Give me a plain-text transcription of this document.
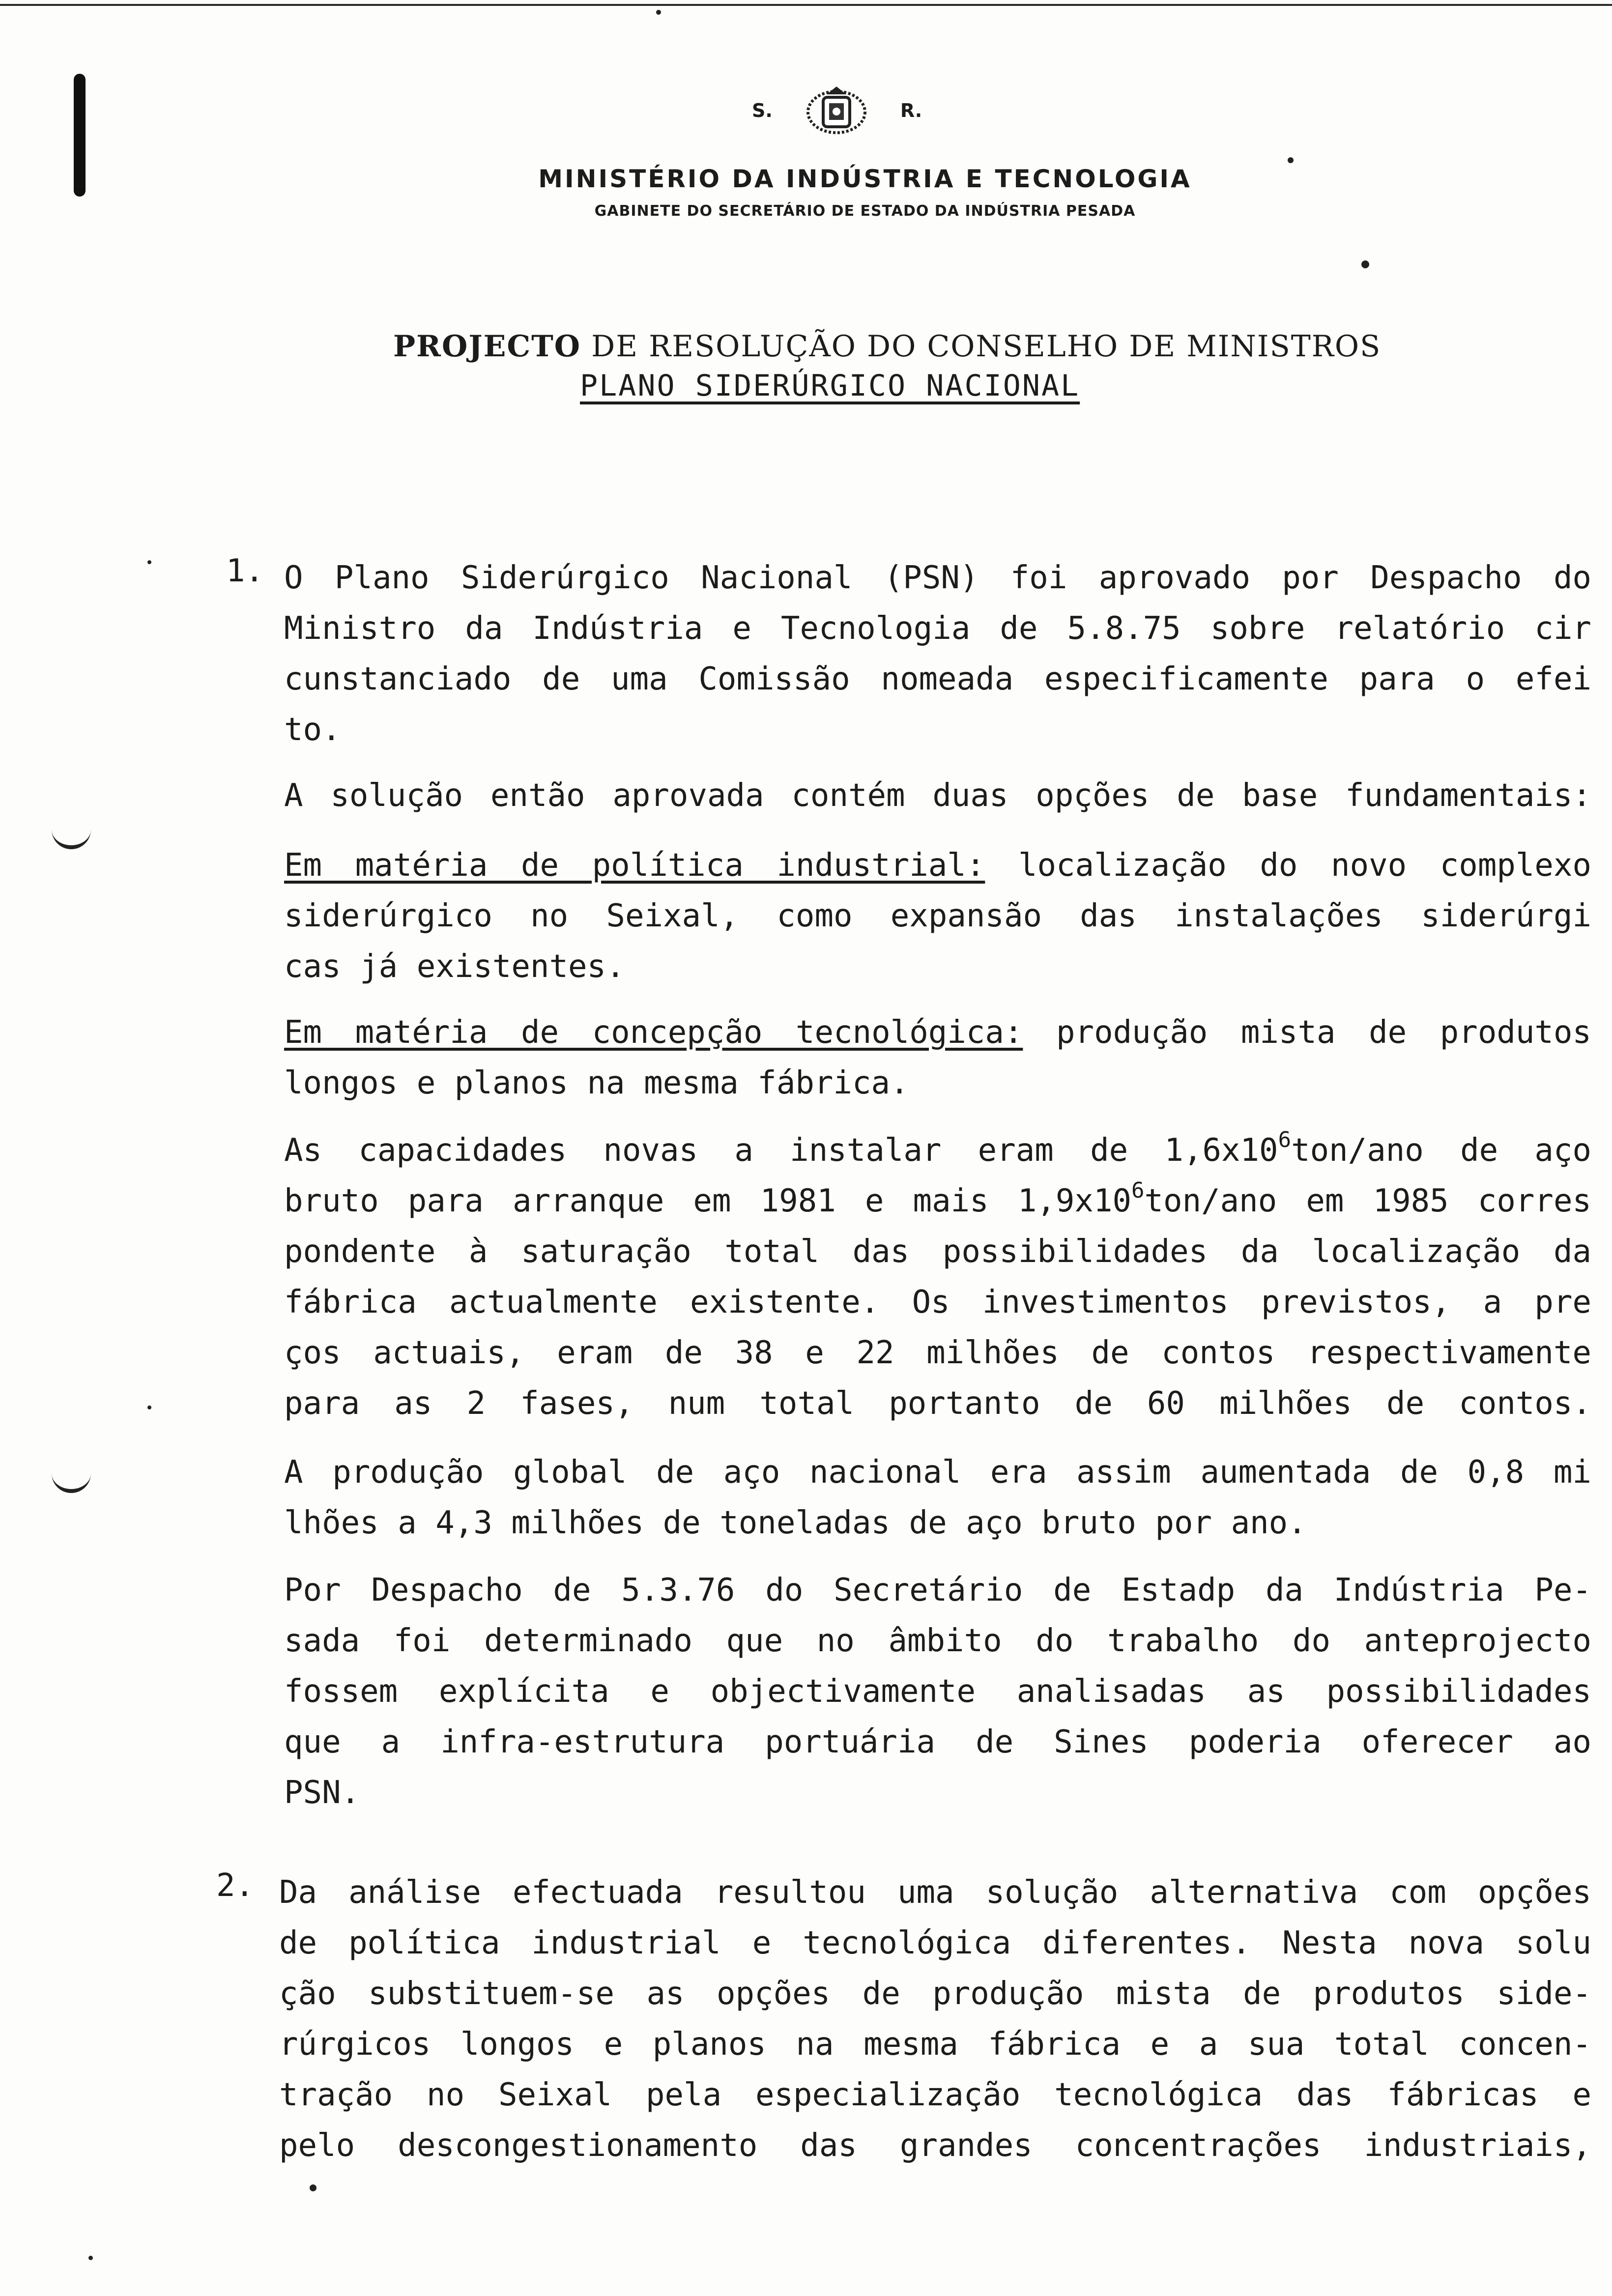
S.	R.
MINISTÉRIO DA INDÚSTRIA E TECNOLOGIA
GABINETE DO SECRETÁRIO DE ESTADO DA INDÚSTRIA PESADA
PROJECTO DE RESOLUÇÃO DO CONSELHO DE MINISTROS
PLANO SIDERÚRGICO NACIONAL
1. O Plano Siderúrgico Nacional (PSN) foi aprovado por Despacho do
Ministro da Indústria e Tecnologia de 5.8.75 sobre relatório cir
cunstanciado de uma Comissão nomeada especificamente para o efei
to.
A solução então aprovada contém duas opções de base fundamentais:
Em matéria de política industrial: localização do novo complexo
siderúrgico no Seixal, como expansão das instalações siderúrgi
cas já existentes.
Em matéria de concepção tecnológica: produção mista de produtos
longos e planos na mesma fábrica.
As capacidades novas a instalar eram de $1,6x10^6ton$/ano de aço
bruto para arranque em 1981 e mais $1,9x10^6ton$/ano em 1985 corres
pondente à saturação total das possibilidades da localização da
fábrica actualmente existente. Os investimentos previstos, a pre
ços actuais, eram de 38 e 22 milhões de contos respectivamente
para as 2 fases, num total portanto de 60 milhões de contos.
A produção global de aço nacional era assim aumentada de 0,8 mi
lhões a 4,3 milhões de toneladas de aço bruto por ano.
Por Despacho de 5.3.76 do Secretário de Estadp da Indústria Pe-
sada foi determinado que no âmbito do trabalho do anteprojecto
fossem explícita e objectivamente analisadas as possibilidades
que a infra-estrutura portuária de Sines poderia oferecer ao
PSN.
2. Da análise efectuada resultou uma solução alternativa com opções
de política industrial e tecnológica diferentes. Nesta nova solu
ção substituem-se as opções de produção mista de produtos side-
rúrgicos longos e planos na mesma fábrica e a sua total concen-
tração no Seixal pela especialização tecnológica das fábricas e
pelo descongestionamento das grandes concentrações industriais,
